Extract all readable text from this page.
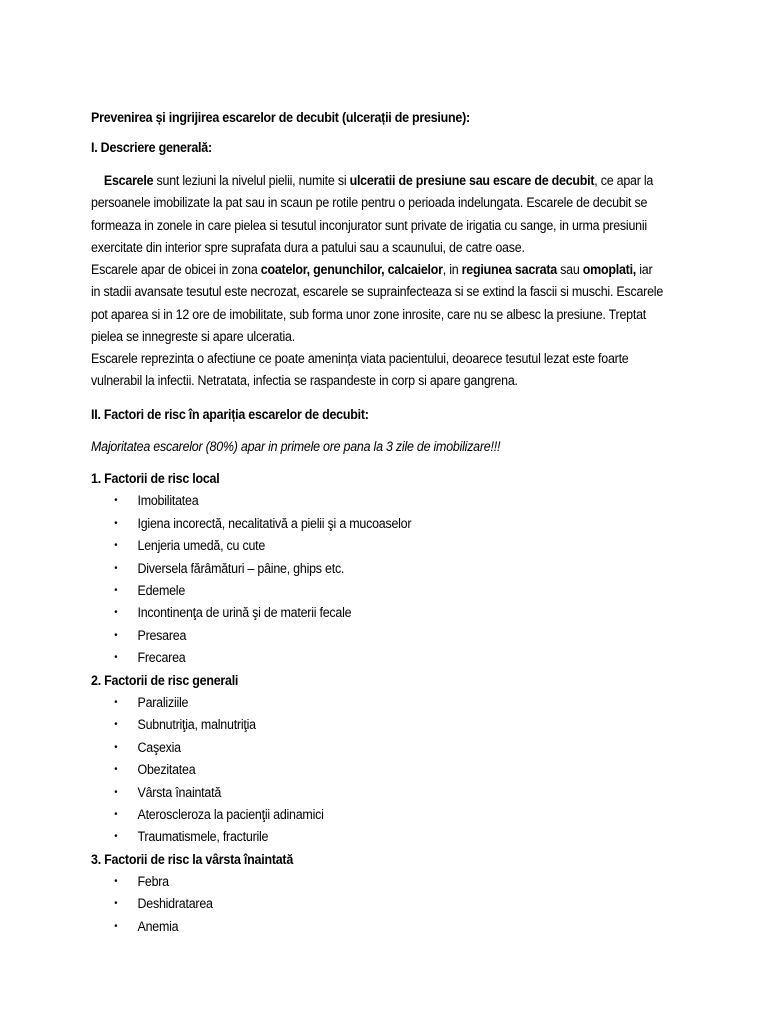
Prevenirea și ingrijirea escarelor de decubit (ulcerații de presiune):
I. Descriere generală:
Escarele sunt leziuni la nivelul pielii, numite si ulceratii de presiune sau escare de decubit, ce apar la
persoanele imobilizate la pat sau in scaun pe rotile pentru o perioada indelungata. Escarele de decubit se
formeaza in zonele in care pielea si tesutul inconjurator sunt private de irigatia cu sange, in urma presiunii
exercitate din interior spre suprafata dura a patului sau a scaunului, de catre oase.
Escarele apar de obicei in zona coatelor, genunchilor, calcaielor, in regiunea sacrata sau omoplati, iar
in stadii avansate tesutul este necrozat, escarele se suprainfecteaza si se extind la fascii si muschi. Escarele
pot aparea si in 12 ore de imobilitate, sub forma unor zone inrosite, care nu se albesc la presiune. Treptat
pielea se innegreste si apare ulceratia.
Escarele reprezinta o afectiune ce poate amenința viata pacientului, deoarece tesutul lezat este foarte
vulnerabil la infectii. Netratata, infectia se raspandeste in corp si apare gangrena.
II. Factori de risc în apariția escarelor de decubit:
Majoritatea escarelor (80%) apar in primele ore pana la 3 zile de imobilizare!!!
1. Factorii de risc local
• Imobilitatea
• Igiena incorectă, necalitativă a pielii şi a mucoaselor
• Lenjeria umedă, cu cute
• Diversela fărâmături – pâine, ghips etc.
• Edemele
• Incontinenţa de urină şi de materii fecale
• Presarea
• Frecarea
2. Factorii de risc generali
• Paraliziile
• Subnutriţia, malnutriţia
• Caşexia
• Obezitatea
• Vârsta înaintată
• Ateroscleroza la pacienţii adinamici
• Traumatismele, fracturile
3. Factorii de risc la vârsta înaintată
• Febra
• Deshidratarea
• Anemia
